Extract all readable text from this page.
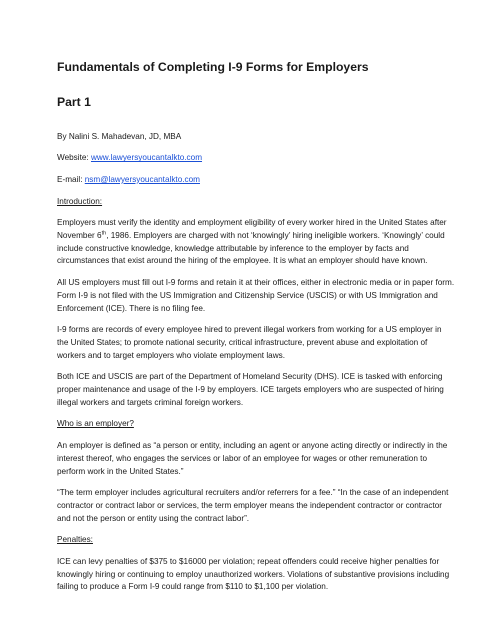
Fundamentals of Completing I-9 Forms for Employers
Part 1

By Nalini S. Mahadevan, JD, MBA

Website: www.lawyersyoucantalkto.com

E-mail: nsm@lawyersyoucantalkto.com

Introduction:

Employers must verify the identity and employment eligibility of every worker hired in the United States after November 6th, 1986. Employers are charged with not ‘knowingly’ hiring ineligible workers. ‘Knowingly’ could include constructive knowledge, knowledge attributable by inference to the employer by facts and circumstances that exist around the hiring of the employee. It is what an employer should have known.

All US employers must fill out I-9 forms and retain it at their offices, either in electronic media or in paper form. Form I-9 is not filed with the US Immigration and Citizenship Service (USCIS) or with US Immigration and Enforcement (ICE). There is no filing fee.

I-9 forms are records of every employee hired to prevent illegal workers from working for a US employer in the United States; to promote national security, critical infrastructure, prevent abuse and exploitation of workers and to target employers who violate employment laws.

Both ICE and USCIS are part of the Department of Homeland Security (DHS). ICE is tasked with enforcing proper maintenance and usage of the I-9 by employers. ICE targets employers who are suspected of hiring illegal workers and targets criminal foreign workers.

Who is an employer?

An employer is defined as “a person or entity, including an agent or anyone acting directly or indirectly in the interest thereof, who engages the services or labor of an employee for wages or other remuneration to perform work in the United States.”

“The term employer includes agricultural recruiters and/or referrers for a fee.” “In the case of an independent contractor or contract labor or services, the term employer means the independent contractor or contractor and not the person or entity using the contract labor”.

Penalties:

ICE can levy penalties of $375 to $16000 per violation; repeat offenders could receive higher penalties for knowingly hiring or continuing to employ unauthorized workers. Violations of substantive provisions including failing to produce a Form I-9 could range from $110 to $1,100 per violation.
